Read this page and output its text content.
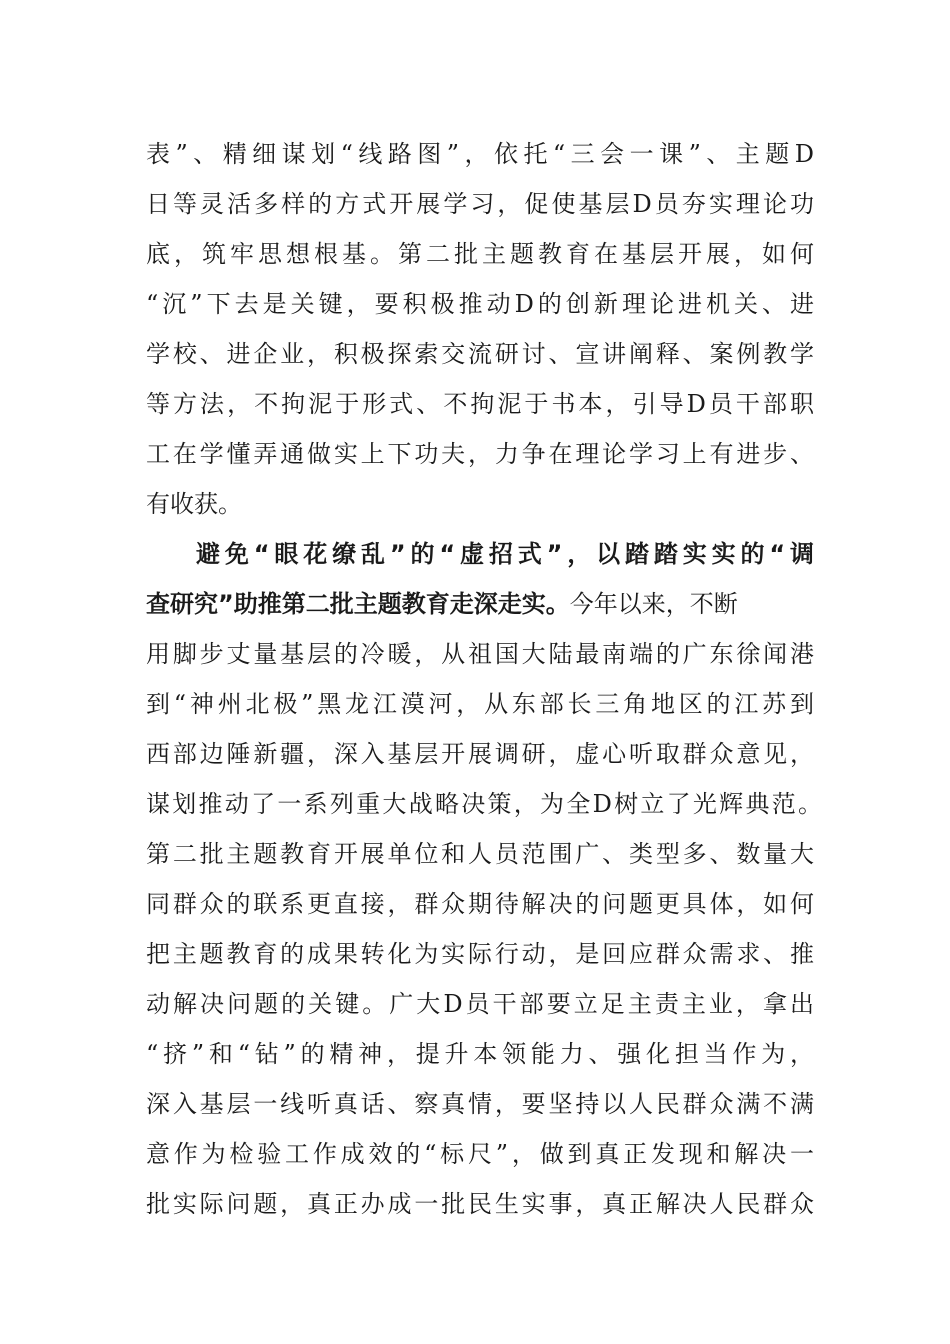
表”、精细谋划“线路图”，依托“三会一课”、主题D
日等灵活多样的方式开展学习，促使基层D员夯实理论功
底，筑牢思想根基。第二批主题教育在基层开展，如何
“沉”下去是关键，要积极推动D的创新理论进机关、进
学校、进企业，积极探索交流研讨、宣讲阐释、案例教学
等方法，不拘泥于形式、不拘泥于书本，引导D员干部职
工在学懂弄通做实上下功夫，力争在理论学习上有进步、
有收获。
避免“眼花缭乱”的“虚招式”，以踏踏实实的“调
查研究”助推第二批主题教育走深走实。今年以来，不断
用脚步丈量基层的冷暖，从祖国大陆最南端的广东徐闻港
到“神州北极”黑龙江漠河，从东部长三角地区的江苏到
西部边陲新疆，深入基层开展调研，虚心听取群众意见，
谋划推动了一系列重大战略决策，为全D树立了光辉典范。
第二批主题教育开展单位和人员范围广、类型多、数量大
同群众的联系更直接，群众期待解决的问题更具体，如何
把主题教育的成果转化为实际行动，是回应群众需求、推
动解决问题的关键。广大D员干部要立足主责主业，拿出
“挤”和“钻”的精神，提升本领能力、强化担当作为，
深入基层一线听真话、察真情，要坚持以人民群众满不满
意作为检验工作成效的“标尺”，做到真正发现和解决一
批实际问题，真正办成一批民生实事，真正解决人民群众
